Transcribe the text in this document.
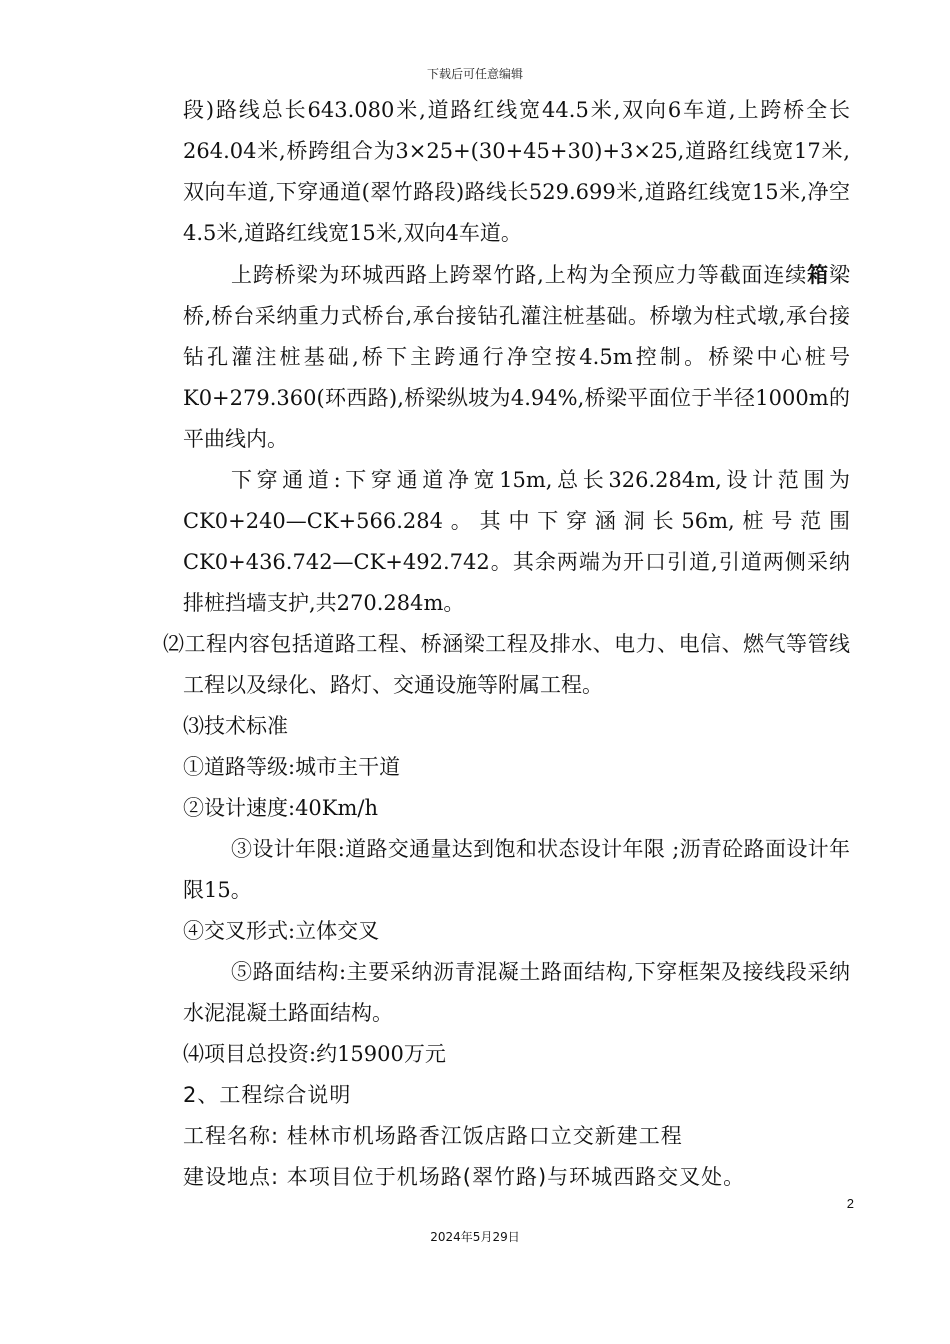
下载后可任意编辑

段)路线总长643.080米,道路红线宽44.5米,双向6车道,上跨桥全长264.04米,桥跨组合为3×25+(30+45+30)+3×25,道路红线宽17米,双向车道,下穿通道(翠竹路段)路线长529.699米,道路红线宽15米,净空4.5米,道路红线宽15米,双向4车道。

上跨桥梁为环城西路上跨翠竹路,上构为全预应力等截面连续箱梁桥,桥台采纳重力式桥台,承台接钻孔灌注桩基础。桥墩为柱式墩,承台接钻孔灌注桩基础,桥下主跨通行净空按4.5m控制。桥梁中心桩号K0+279.360(环西路),桥梁纵坡为4.94%,桥梁平面位于半径1000m的平曲线内。

下穿通道:下穿通道净宽15m,总长326.284m,设计范围为CK0+240—CK+566.284。其中下穿涵洞长56m,桩号范围CK0+436.742—CK+492.742。其余两端为开口引道,引道两侧采纳排桩挡墙支护,共270.284m。

⑵工程内容包括道路工程、桥涵梁工程及排水、电力、电信、燃气等管线工程以及绿化、路灯、交通设施等附属工程。

⑶技术标准

①道路等级:城市主干道

②设计速度:40Km/h

③设计年限:道路交通量达到饱和状态设计年限 ;沥青砼路面设计年限15。

④交叉形式:立体交叉

⑤路面结构:主要采纳沥青混凝土路面结构,下穿框架及接线段采纳水泥混凝土路面结构。

⑷项目总投资:约15900万元

2、工程综合说明

工程名称: 桂林市机场路香江饭店路口立交新建工程

建设地点: 本项目位于机场路(翠竹路)与环城西路交叉处。

2
2024年5月29日
